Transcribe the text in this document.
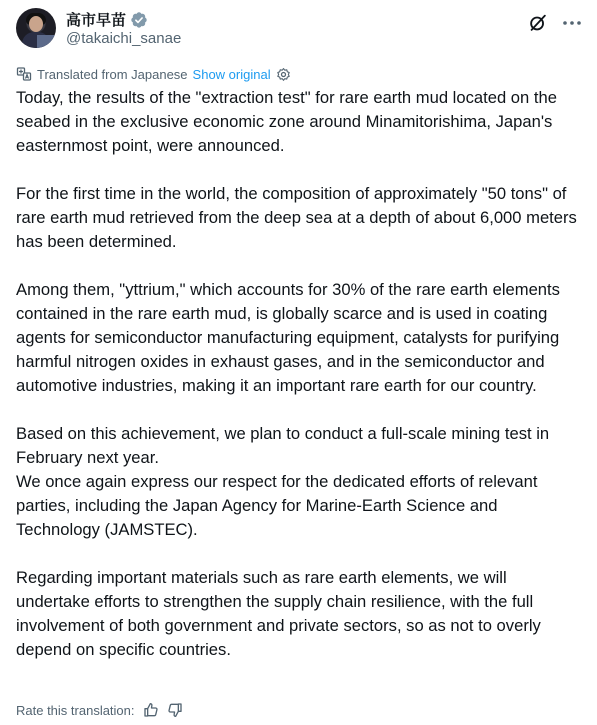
高市早苗
@takaichi_sanae
Translated from Japanese Show original

Today, the results of the "extraction test" for rare earth mud located on the seabed in the exclusive economic zone around Minamitorishima, Japan's easternmost point, were announced.

For the first time in the world, the composition of approximately "50 tons" of rare earth mud retrieved from the deep sea at a depth of about 6,000 meters has been determined.

Among them, "yttrium," which accounts for 30% of the rare earth elements contained in the rare earth mud, is globally scarce and is used in coating agents for semiconductor manufacturing equipment, catalysts for purifying harmful nitrogen oxides in exhaust gases, and in the semiconductor and automotive industries, making it an important rare earth for our country.

Based on this achievement, we plan to conduct a full-scale mining test in February next year.

We once again express our respect for the dedicated efforts of relevant parties, including the Japan Agency for Marine-Earth Science and Technology (JAMSTEC).

Regarding important materials such as rare earth elements, we will undertake efforts to strengthen the supply chain resilience, with the full involvement of both government and private sectors, so as not to overly depend on specific countries.

Rate this translation:
